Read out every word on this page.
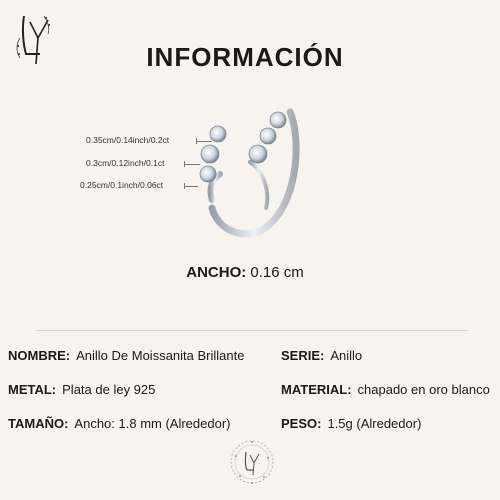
INFORMACIÓN
0.35cm/0.14inch/0.2ct
0.3cm/0.12inch/0.1ct
0.25cm/0.1inch/0.06ct
ANCHO: 0.16 cm
NOMBRE: Anillo De Moissanita Brillante	SERIE: Anillo
METAL: Plata de ley 925	MATERIAL: chapado en oro blanco
TAMAÑO: Ancho: 1.8 mm (Alrededor)	PESO: 1.5g (Alrededor)
